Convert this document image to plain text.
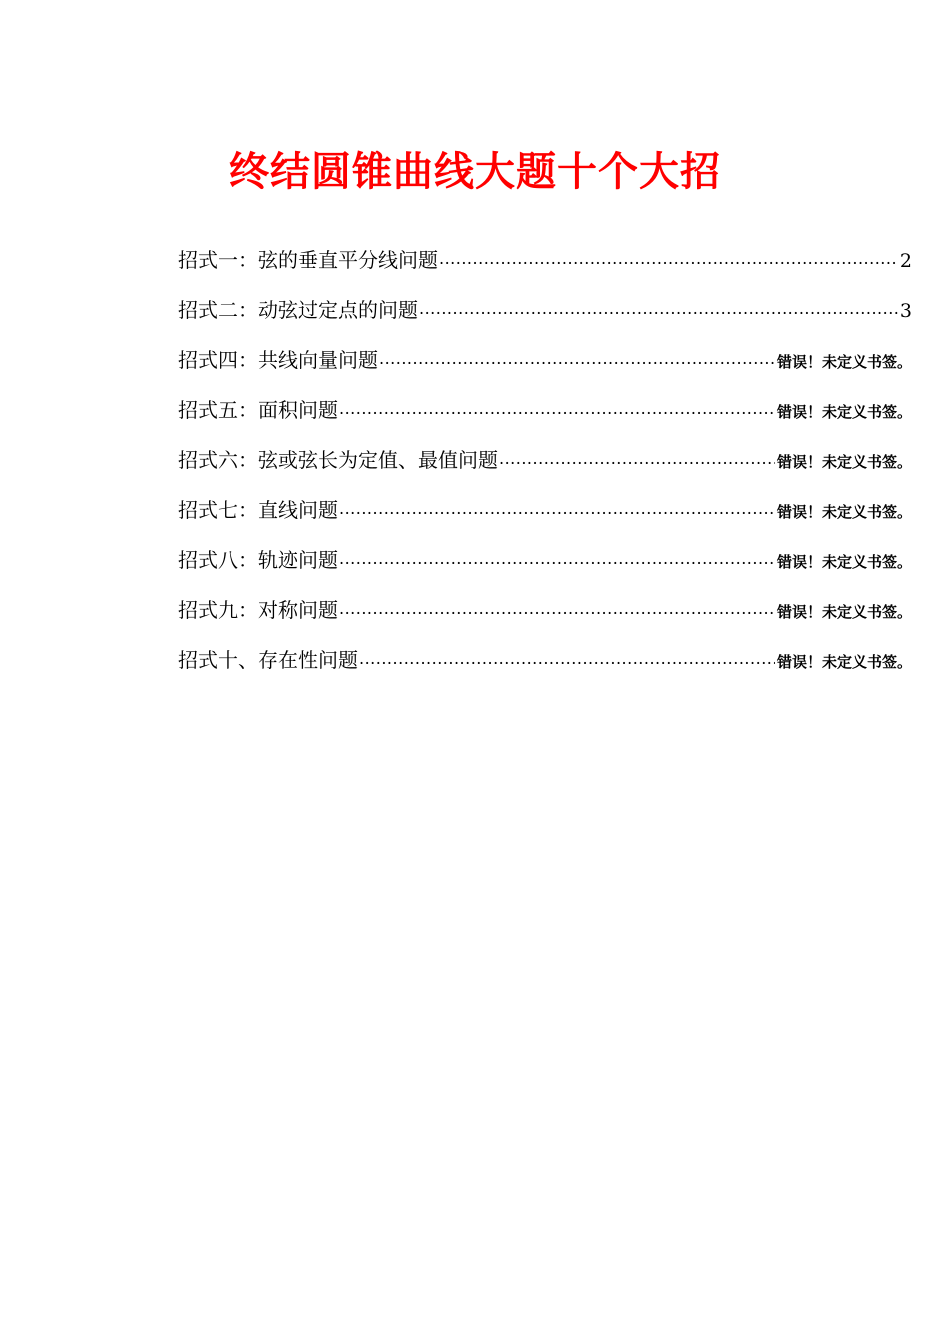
终结圆锥曲线大题十个大招
招式一：弦的垂直平分线问题 .....	2
招式二：动弦过定点的问题 .....	3
招式四：共线向量问题 .....	错误！未定义书签。
招式五：面积问题 .....	错误！未定义书签。
招式六：弦或弦长为定值、最值问题 .....	错误！未定义书签。
招式七：直线问题 .....	错误！未定义书签。
招式八：轨迹问题 .....	错误！未定义书签。
招式九：对称问题 .....	错误！未定义书签。
招式十、存在性问题 .....	错误！未定义书签。
